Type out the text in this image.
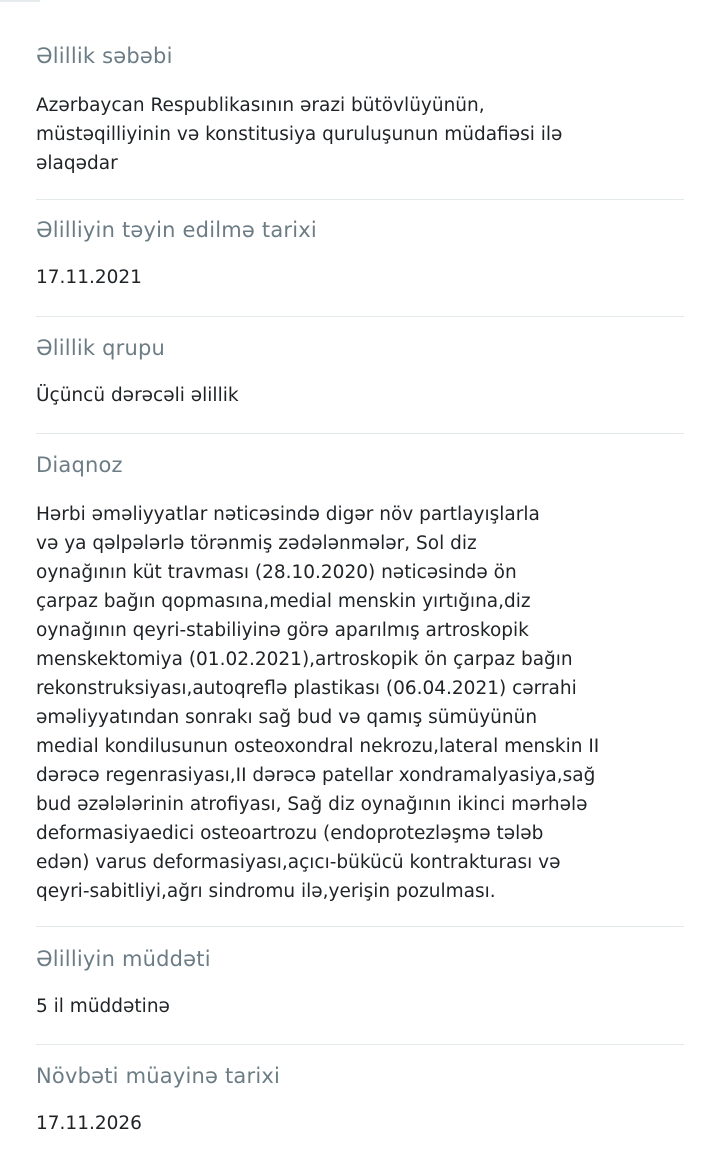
Əlillik səbəbi
Azərbaycan Respublikasının ərazi bütövlüyünün,
müstəqilliyinin və konstitusiya quruluşunun müdafiəsi ilə
əlaqədar
Əlilliyin təyin edilmə tarixi
17.11.2021
Əlillik qrupu
Üçüncü dərəcəli əlillik
Diaqnoz
Hərbi əməliyyatlar nəticəsində digər növ partlayışlarla
və ya qəlpələrlə törənmiş zədələnmələr, Sol diz
oynağının küt travması (28.10.2020) nəticəsində ön
çarpaz bağın qopmasına,medial menskin yırtığına,diz
oynağının qeyri-stabiliyinə görə aparılmış artroskopik
menskektomiya (01.02.2021),artroskopik ön çarpaz bağın
rekonstruksiyası,autoqreflə plastikası (06.04.2021) cərrahi
əməliyyatından sonrakı sağ bud və qamış sümüyünün
medial kondilusunun osteoxondral nekrozu,lateral menskin II
dərəcə regenrasiyası,II dərəcə patellar xondramalyasiya,sağ
bud əzələlərinin atrofiyası, Sağ diz oynağının ikinci mərhələ
deformasiyaedici osteoartrozu (endoprotezləşmə tələb
edən) varus deformasiyası,açıcı-bükücü kontrakturası və
qeyri-sabitliyi,ağrı sindromu ilə,yerişin pozulması.
Əlilliyin müddəti
5 il müddətinə
Növbəti müayinə tarixi
17.11.2026
